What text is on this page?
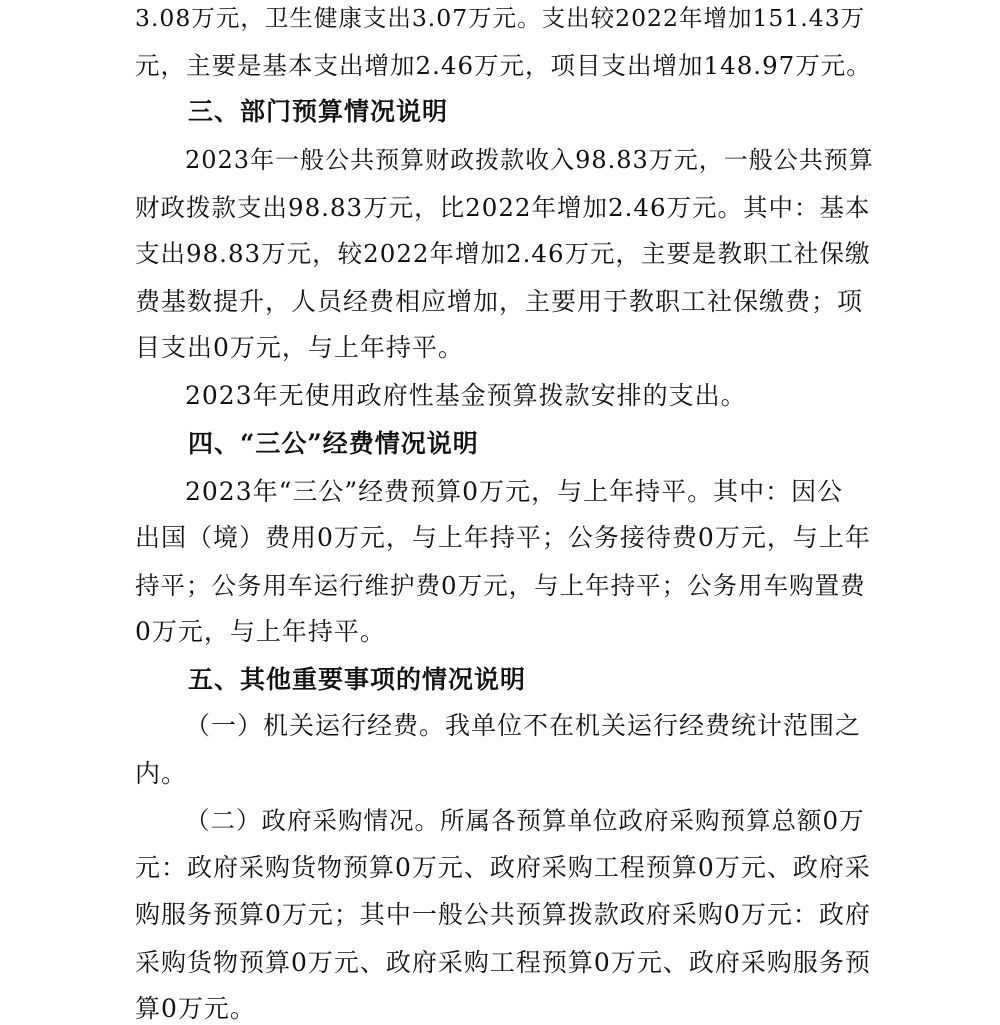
3.08万元，卫生健康支出3.07万元。支出较2022年增加151.43万
元，主要是基本支出增加2.46万元，项目支出增加148.97万元。
三、部门预算情况说明
2023年一般公共预算财政拨款收入98.83万元，一般公共预算
财政拨款支出98.83万元，比2022年增加2.46万元。其中：基本
支出98.83万元，较2022年增加2.46万元，主要是教职工社保缴
费基数提升，人员经费相应增加，主要用于教职工社保缴费；项
目支出0万元，与上年持平。
2023年无使用政府性基金预算拨款安排的支出。
四、“三公”经费情况说明
2023年“三公”经费预算0万元，与上年持平。其中：因公
出国（境）费用0万元，与上年持平；公务接待费0万元，与上年
持平；公务用车运行维护费0万元，与上年持平；公务用车购置费
0万元，与上年持平。
五、其他重要事项的情况说明
（一）机关运行经费。我单位不在机关运行经费统计范围之
内。
（二）政府采购情况。所属各预算单位政府采购预算总额0万
元：政府采购货物预算0万元、政府采购工程预算0万元、政府采
购服务预算0万元；其中一般公共预算拨款政府采购0万元：政府
采购货物预算0万元、政府采购工程预算0万元、政府采购服务预
算0万元。
